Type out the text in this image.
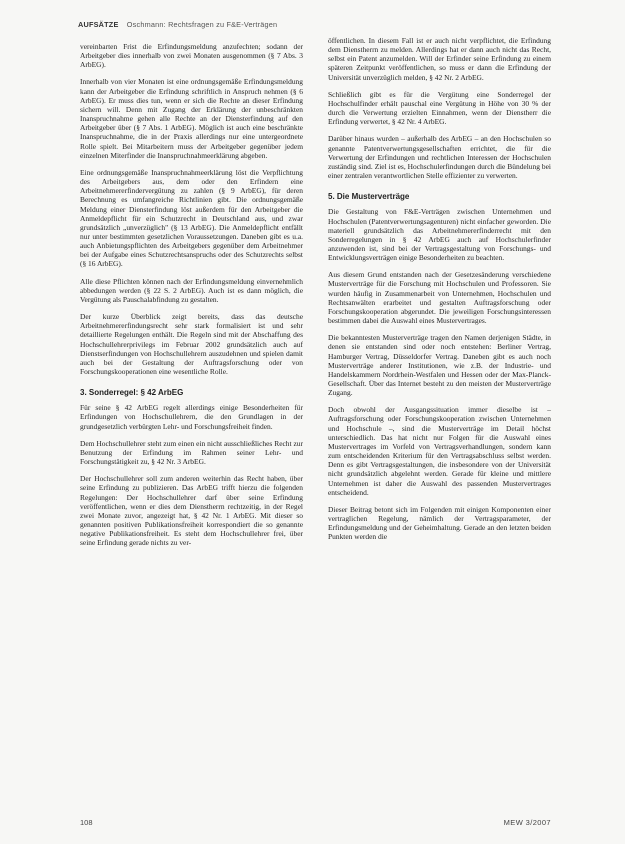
AUFSÄTZE Oschmann: Rechtsfragen zu F&E-Verträgen

vereinbarten Frist die Erfindungsmeldung anzufechten; sodann der Arbeitgeber dies innerhalb von zwei Monaten ausgenommen (§ 7 Abs. 3 ArbEG).

Innerhalb von vier Monaten ist eine ordnungsgemäße Erfindungsmeldung kann der Arbeitgeber die Erfindung schriftlich in Anspruch nehmen (§ 6 ArbEG). Er muss dies tun, wenn er sich die Rechte an dieser Erfindung sichern will. Denn mit Zugang der Erklärung der unbeschränkten Inanspruchnahme gehen alle Rechte an der Diensterfindung auf den Arbeitgeber über (§ 7 Abs. 1 ArbEG). Möglich ist auch eine beschränkte Inanspruchnahme, die in der Praxis allerdings nur eine untergeordnete Rolle spielt. Bei Mitarbeitern muss der Arbeitgeber gegenüber jedem einzelnen Miterfinder die Inanspruchnahmeerklärung abgeben.

Eine ordnungsgemäße Inanspruchnahmeerklärung löst die Verpflichtung des Arbeitgebers aus, dem oder den Erfindern eine Arbeitnehmererfindervergütung zu zahlen (§ 9 ArbEG), für deren Berechnung es umfangreiche Richtlinien gibt. Die ordnungsgemäße Meldung einer Diensterfindung löst außerdem für den Arbeitgeber die Anmeldepflicht für ein Schutzrecht in Deutschland aus, und zwar grundsätzlich „unverzüglich" (§ 13 ArbEG). Die Anmeldepflicht entfällt nur unter bestimmten gesetzlichen Voraussetzungen. Daneben gibt es u.a. auch Anbietungspflichten des Arbeitgebers gegenüber dem Arbeitnehmer bei der Aufgabe eines Schutzrechtsanspruchs oder des Schutzrechts selbst (§ 16 ArbEG).

Alle diese Pflichten können nach der Erfindungsmeldung einvernehmlich abbedungen werden (§ 22 S. 2 ArbEG). Auch ist es dann möglich, die Vergütung als Pauschalabfindung zu gestalten.

Der kurze Überblick zeigt bereits, dass das deutsche Arbeitnehmererfindungsrecht sehr stark formalisiert ist und sehr detaillierte Regelungen enthält. Die Regeln sind mit der Abschaffung des Hochschullehrerprivilegs im Februar 2002 grundsätzlich auch auf Dienstserfindungen von Hochschullehrern auszudehnen und spielen damit auch bei der Gestaltung der Auftragsforschung oder von Forschungskooperationen eine wesentliche Rolle.

3. Sonderregel: § 42 ArbEG

Für seine § 42 ArbEG regelt allerdings einige Besonderheiten für Erfindungen von Hochschullehrern, die den Grundlagen in der grundgesetzlich verbürgten Lehr- und Forschungsfreiheit finden.

Dem Hochschullehrer steht zum einen ein nicht ausschließliches Recht zur Benutzung der Erfindung im Rahmen seiner Lehr- und Forschungstätigkeit zu, § 42 Nr. 3 ArbEG.

Der Hochschullehrer soll zum anderen weiterhin das Recht haben, über seine Erfindung zu publizieren. Das ArbEG trifft hierzu die folgenden Regelungen: Der Hochschullehrer darf über seine Erfindung veröffentlichen, wenn er dies dem Dienstherrn rechtzeitig, in der Regel zwei Monate zuvor, angezeigt hat, § 42 Nr. 1 ArbEG. Mit dieser so genannten positiven Publikationsfreiheit korrespondiert die so genannte negative Publikationsfreiheit. Es steht dem Hochschullehrer frei, über seine Erfindung gerade nichts zu ver-

öffentlichen. In diesem Fall ist er auch nicht verpflichtet, die Erfindung dem Dienstherrn zu melden. Allerdings hat er dann auch nicht das Recht, selbst ein Patent anzumelden. Will der Erfinder seine Erfindung zu einem späteren Zeitpunkt veröffentlichen, so muss er dann die Erfindung der Universität unverzüglich melden, § 42 Nr. 2 ArbEG.

Schließlich gibt es für die Vergütung eine Sonderregel der Hochschulfinder erhält pauschal eine Vergütung in Höhe von 30 % der durch die Verwertung erzielten Einnahmen, wenn der Dienstherr die Erfindung verwertet, § 42 Nr. 4 ArbEG.

Darüber hinaus wurden – außerhalb des ArbEG – an den Hochschulen so genannte Patentverwertungsgesellschaften errichtet, die für die Verwertung der Erfindungen und rechtlichen Interessen der Hochschulen zuständig sind. Ziel ist es, Hochschulerfindungen durch die Bündelung bei einer zentralen verantwortlichen Stelle effizienter zu verwerten.

5. Die Musterverträge

Die Gestaltung von F&E-Verträgen zwischen Unternehmen und Hochschulen (Patentverwertungsagenturen) nicht einfacher geworden. Die materiell grundsätzlich das Arbeitnehmererfinderrecht mit den Sonderregelungen in § 42 ArbEG auch auf Hochschulerfinder anzuwenden ist, sind bei der Vertragsgestaltung von Forschungs- und Entwicklungsverträgen einige Besonderheiten zu beachten.

Aus diesem Grund entstanden nach der Gesetzesänderung verschiedene Musterverträge für die Forschung mit Hochschulen und Professoren. Sie wurden häufig in Zusammenarbeit von Unternehmen, Hochschulen und Rechtsanwälten erarbeitet und gestalten Auftragsforschung oder Forschungskooperation abgerundet. Die jeweiligen Forschungsinteressen bestimmen dabei die Auswahl eines Mustervertrages.

Die bekanntesten Musterverträge tragen den Namen derjenigen Städte, in denen sie entstanden sind oder noch entstehen: Berliner Vertrag, Hamburger Vertrag, Düsseldorfer Vertrag. Daneben gibt es auch noch Musterverträge anderer Institutionen, wie z.B. der Industrie- und Handelskammern Nordrhein-Westfalen und Hessen oder der Max-Planck-Gesellschaft. Über das Internet besteht zu den meisten der Musterverträge Zugang.

Doch obwohl der Ausgangssituation immer dieselbe ist – Auftragsforschung oder Forschungskooperation zwischen Unternehmen und Hochschule –, sind die Musterverträge im Detail höchst unterschiedlich. Das hat nicht nur Folgen für die Auswahl eines Mustervertrages im Vorfeld von Vertragsverhandlungen, sondern kann zum entscheidenden Kriterium für den Vertragsabschluss selbst werden. Denn es gibt Vertragsgestaltungen, die insbesondere von der Universität nicht grundsätzlich abgelehnt werden. Gerade für kleine und mittlere Unternehmen ist daher die Auswahl des passenden Mustervertrages entscheidend.

Dieser Beitrag betont sich im Folgenden mit einigen Komponenten einer vertraglichen Regelung, nämlich der Vertragsparameter, der Erfindungsmeldung und der Geheimhaltung. Gerade an den letzten beiden Punkten werden die

108	MEW 3/2007
